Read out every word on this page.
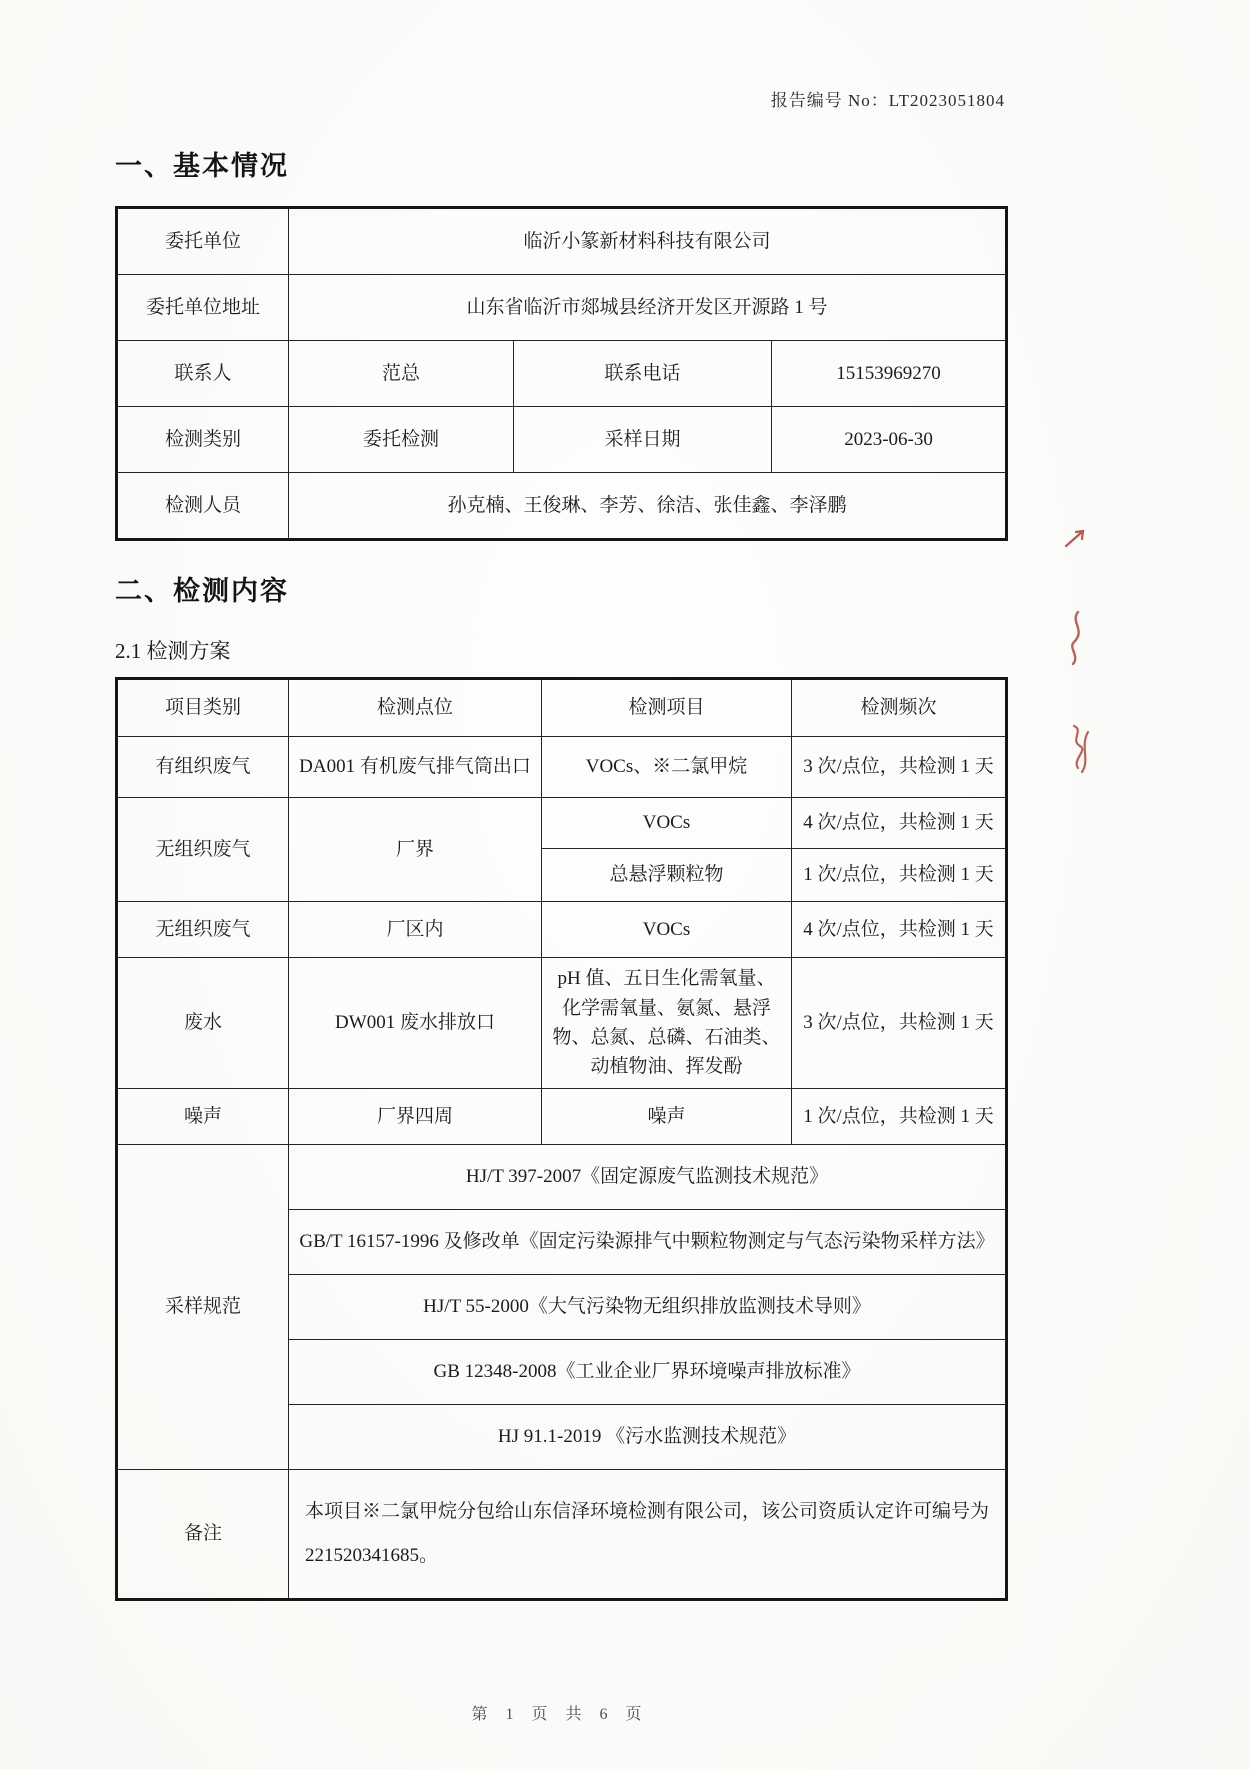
报告编号 No：LT2023051804
一、基本情况
委托单位	临沂小篆新材料科技有限公司		
委托单位地址	山东省临沂市郯城县经济开发区开源路 1 号		
联系人	范总	联系电话	15153969270
检测类别	委托检测	采样日期	2023-06-30
检测人员	孙克楠、王俊琳、李芳、徐洁、张佳鑫、李泽鹏		
二、检测内容
2.1 检测方案
项目类别	检测点位	检测项目	检测频次
有组织废气	DA001 有机废气排气筒出口	VOCs、※二氯甲烷	3 次/点位，共检测 1 天
无组织废气	厂界	VOCs	4 次/点位，共检测 1 天
		总悬浮颗粒物	1 次/点位，共检测 1 天
无组织废气	厂区内	VOCs	4 次/点位，共检测 1 天
废水	DW001 废水排放口	pH 值、五日生化需氧量、化学需氧量、氨氮、悬浮物、总氮、总磷、石油类、动植物油、挥发酚	3 次/点位，共检测 1 天
噪声	厂界四周	噪声	1 次/点位，共检测 1 天
采样规范	HJ/T 397-2007《固定源废气监测技术规范》		
	GB/T 16157-1996 及修改单《固定污染源排气中颗粒物测定与气态污染物采样方法》		
	HJ/T 55-2000《大气污染物无组织排放监测技术导则》		
	GB 12348-2008《工业企业厂界环境噪声排放标准》		
	HJ 91.1-2019 《污水监测技术规范》		
备注	本项目※二氯甲烷分包给山东信泽环境检测有限公司，该公司资质认定许可编号为
221520341685。		
第 1 页 共 6 页
